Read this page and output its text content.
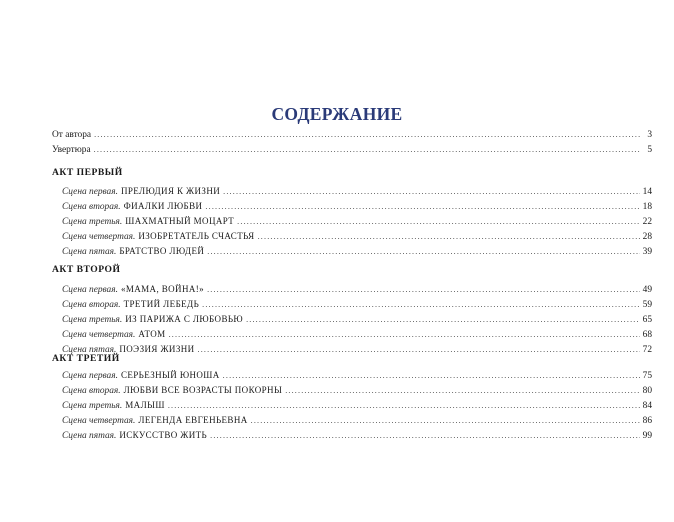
СОДЕРЖАНИЕ
От автора .....	3
Увертюра .....	5
АКТ ПЕРВЫЙ
Сцена первая. ПРЕЛЮДИЯ К ЖИЗНИ .....	14
Сцена вторая. ФИАЛКИ ЛЮБВИ .....	18
Сцена третья. ШАХМАТНЫЙ МОЦАРТ .....	22
Сцена четвертая. ИЗОБРЕТАТЕЛЬ СЧАСТЬЯ .....	28
Сцена пятая. БРАТСТВО ЛЮДЕЙ .....	39
АКТ ВТОРОЙ
Сцена первая. «МАМА, ВОЙНА!» .....	49
Сцена вторая. ТРЕТИЙ ЛЕБЕДЬ .....	59
Сцена третья. ИЗ ПАРИЖА С ЛЮБОВЬЮ .....	65
Сцена четвертая. АТОМ .....	68
Сцена пятая. ПОЭЗИЯ ЖИЗНИ .....	72
АКТ ТРЕТИЙ
Сцена первая. СЕРЬЕЗНЫЙ ЮНОША .....	75
Сцена вторая. ЛЮБВИ ВСЕ ВОЗРАСТЫ ПОКОРНЫ .....	80
Сцена третья. МАЛЫШ .....	84
Сцена четвертая. ЛЕГЕНДА ЕВГЕНЬЕВНА .....	86
Сцена пятая. ИСКУССТВО ЖИТЬ .....	99
